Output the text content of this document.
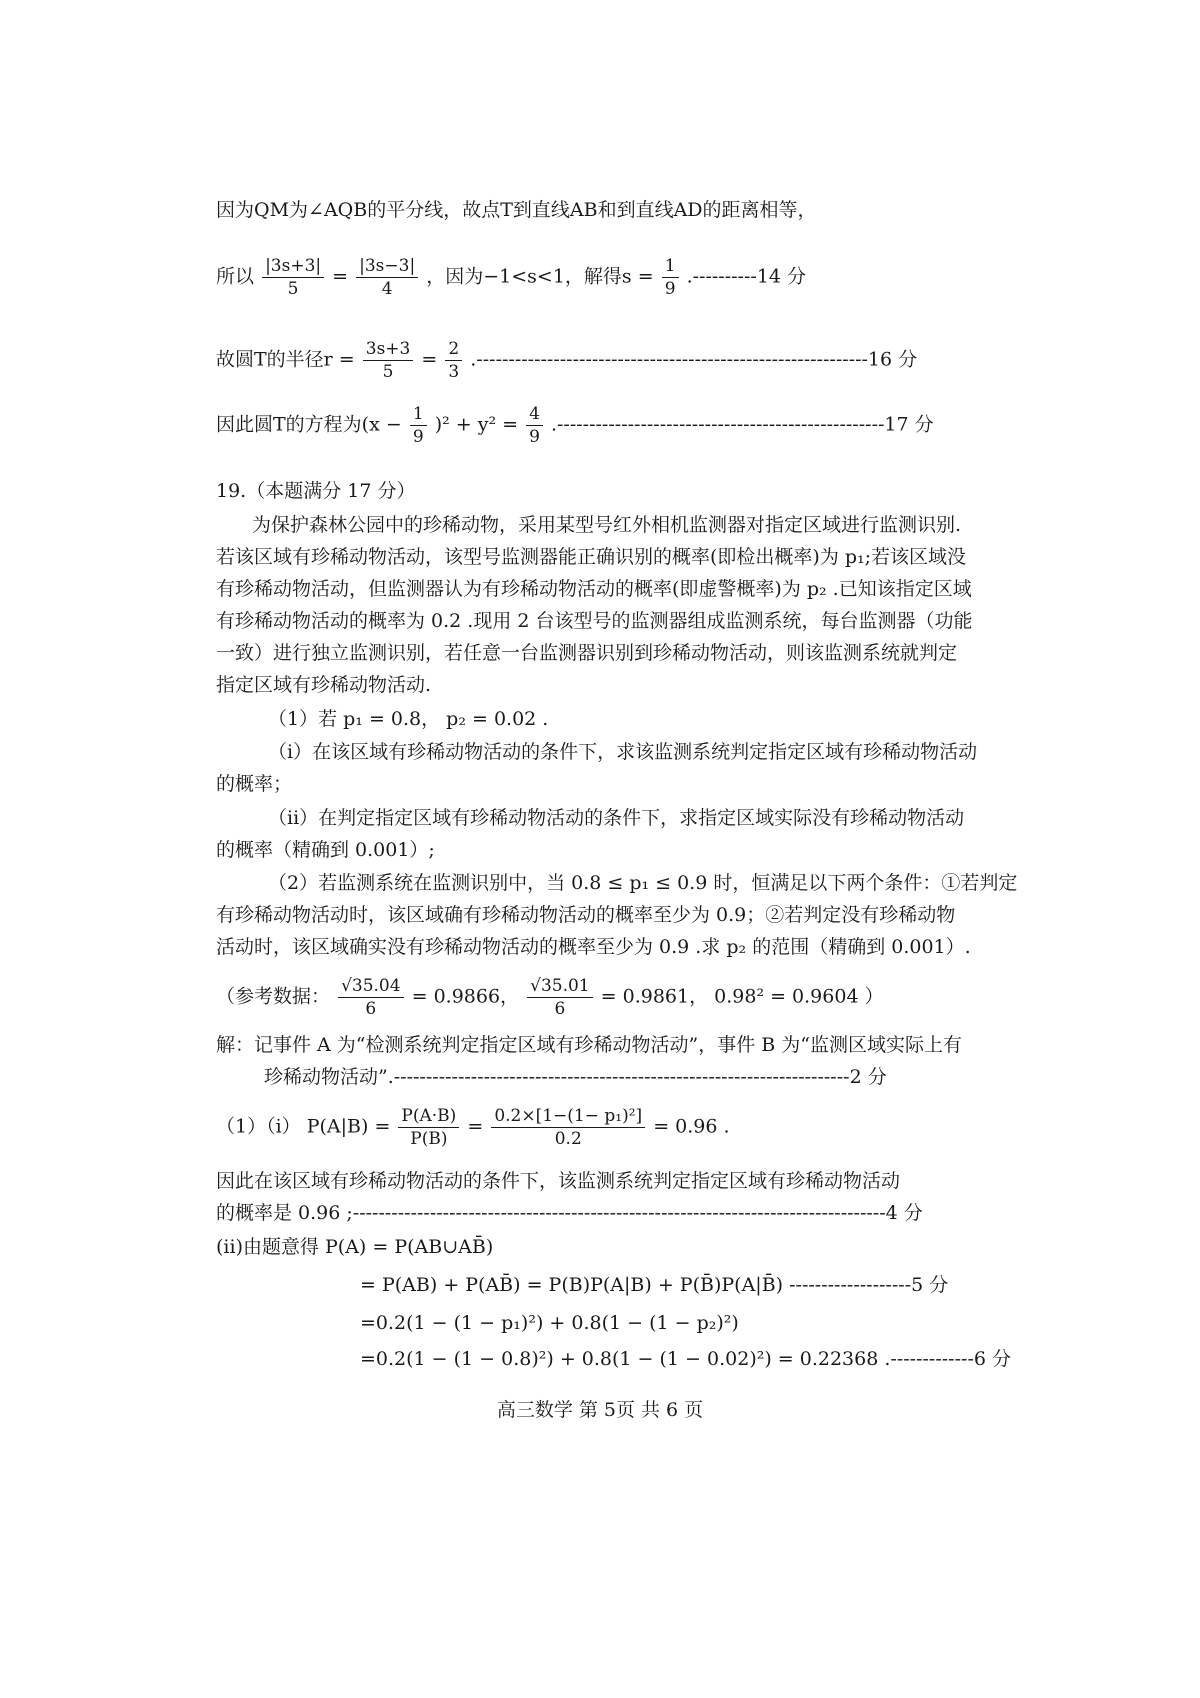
因为QM为∠AQB的平分线，故点T到直线AB和到直线AD的距离相等，
所以 $\frac{|3s+3|}{5} = \frac{|3s-3|}{4}$ ，因为−1<s<1，解得$s = \frac{1}{9} .----------14$ 分
故圆T的半径$r = \frac{3s+3}{5} = \frac{2}{3} .-------------------------------------------------------------16$ 分
因此圆T的方程为$(x - \frac{1}{9} )^2 + y^2 = \frac{4}{9} .---------------------------------------------------17$ 分
19.（本题满分 17 分）
为保护森林公园中的珍稀动物，采用某型号红外相机监测器对指定区域进行监测识别.
若该区域有珍稀动物活动，该型号监测器能正确识别的概率(即检出概率)为 p₁;若该区域没
有珍稀动物活动，但监测器认为有珍稀动物活动的概率(即虚警概率)为 p₂ .已知该指定区域
有珍稀动物活动的概率为 0.2 .现用 2 台该型号的监测器组成监测系统，每台监测器（功能
一致）进行独立监测识别，若任意一台监测器识别到珍稀动物活动，则该监测系统就判定
指定区域有珍稀动物活动.
（1）若 p₁ = 0.8， p₂ = 0.02 .
（i）在该区域有珍稀动物活动的条件下，求该监测系统判定指定区域有珍稀动物活动
的概率；
（ii）在判定指定区域有珍稀动物活动的条件下，求指定区域实际没有珍稀动物活动
的概率（精确到 0.001）;
（2）若监测系统在监测识别中，当 0.8 ≤ p₁ ≤ 0.9 时，恒满足以下两个条件：①若判定
有珍稀动物活动时，该区域确有珍稀动物活动的概率至少为 0.9；②若判定没有珍稀动物
活动时，该区域确实没有珍稀动物活动的概率至少为 0.9 .求 p₂ 的范围（精确到 0.001）.
（参考数据： $\frac{√35.04}{6} = 0.9866$， $\frac{√35.01}{6} = 0.9861$， 0.98² = 0.9604 ）
解：记事件 A 为“检测系统判定指定区域有珍稀动物活动”，事件 B 为“监测区域实际上有
珍稀动物活动”.-----------------------------------------------------------------------2 分
（1）（i） $P(A|B) = \frac{P(A\cdot B)}{P(B)} = \frac{\text{0.2×[1−(1− p₁)²]}}{0.2} = 0.96$ .
因此在该区域有珍稀动物活动的条件下，该监测系统判定指定区域有珍稀动物活动
的概率是 0.96 ;-----------------------------------------------------------------------------------4 分
(ii)由题意得 P(A) = P(AB∪AB̄)
= P(AB) + P(AB̄) = P(B)P(A|B) + P(B̄)P(A|B̄) -------------------5 分
=0.2(1 − (1 − p₁)²) + 0.8(1 − (1 − p₂)²)
=0.2(1 − (1 − 0.8)²) + 0.8(1 − (1 − 0.02)²) = 0.22368 .-------------6 分
高三数学 第 5页 共 6 页
